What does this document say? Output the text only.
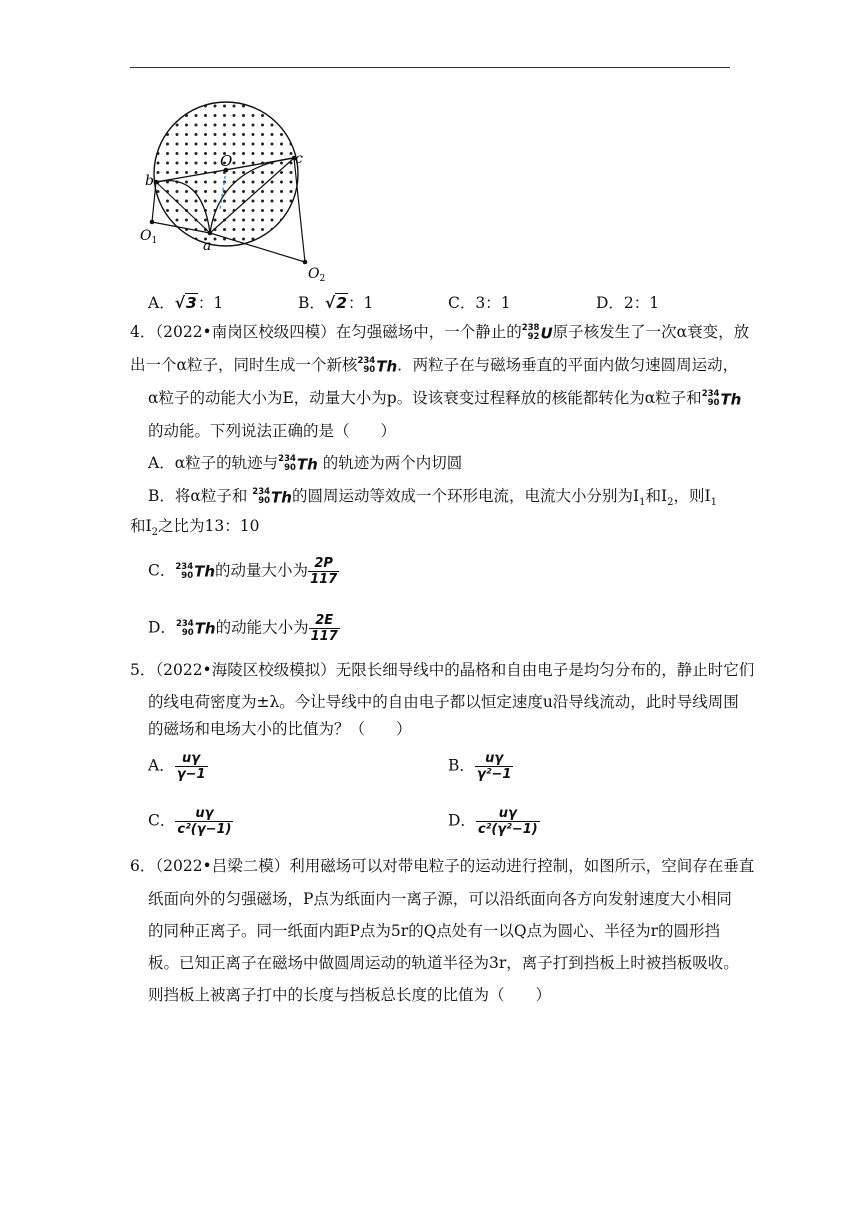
O
b
c
a
$O_1$
$O_2$
A．√3：1	B．√2：1	C．3：1	D．2：1
4．（2022•南岗区校级四模）在匀强磁场中，一个静止的 238
92 U原子核发生了一次α衰变，放
出一个α粒子，同时生成一个新核 234
90 Th．两粒子在与磁场垂直的平面内做匀速圆周运动，
α粒子的动能大小为E，动量大小为p。设该衰变过程释放的核能都转化为α粒子和 234
90 Th
的动能。下列说法正确的是（　　）
A．α粒子的轨迹与 234
90 Th 的轨迹为两个内切圆
B．将α粒子和 234
90 Th的圆周运动等效成一个环形电流，电流大小分别为$I_1$和$I_2$，则$I_1$
和$I_2$之比为13：10
C． 234
90 Th的动量大小为 $\frac{2P}{117}$
D． 234
90 Th的动能大小为 $\frac{2E}{117}$
5．（2022•海陵区校级模拟）无限长细导线中的晶格和自由电子是均匀分布的，静止时它们
的线电荷密度为±λ。今让导线中的自由电子都以恒定速度u沿导线流动，此时导线周围
的磁场和电场大小的比值为？（　　）
A． $\frac{u\gamma}{\gamma-1}$	B． $\frac{u\gamma}{\text{γ²−1}}$
C． $\frac{u\gamma}{\text{c²(γ−1)}}$	D． $\frac{u\gamma}{\text{c²(γ²−1)}}$
6．（2022•吕梁二模）利用磁场可以对带电粒子的运动进行控制，如图所示，空间存在垂直
纸面向外的匀强磁场，P点为纸面内一离子源，可以沿纸面向各方向发射速度大小相同
的同种正离子。同一纸面内距P点为5r的Q点处有一以Q点为圆心、半径为r的圆形挡
板。已知正离子在磁场中做圆周运动的轨道半径为3r，离子打到挡板上时被挡板吸收。
则挡板上被离子打中的长度与挡板总长度的比值为（　　）
